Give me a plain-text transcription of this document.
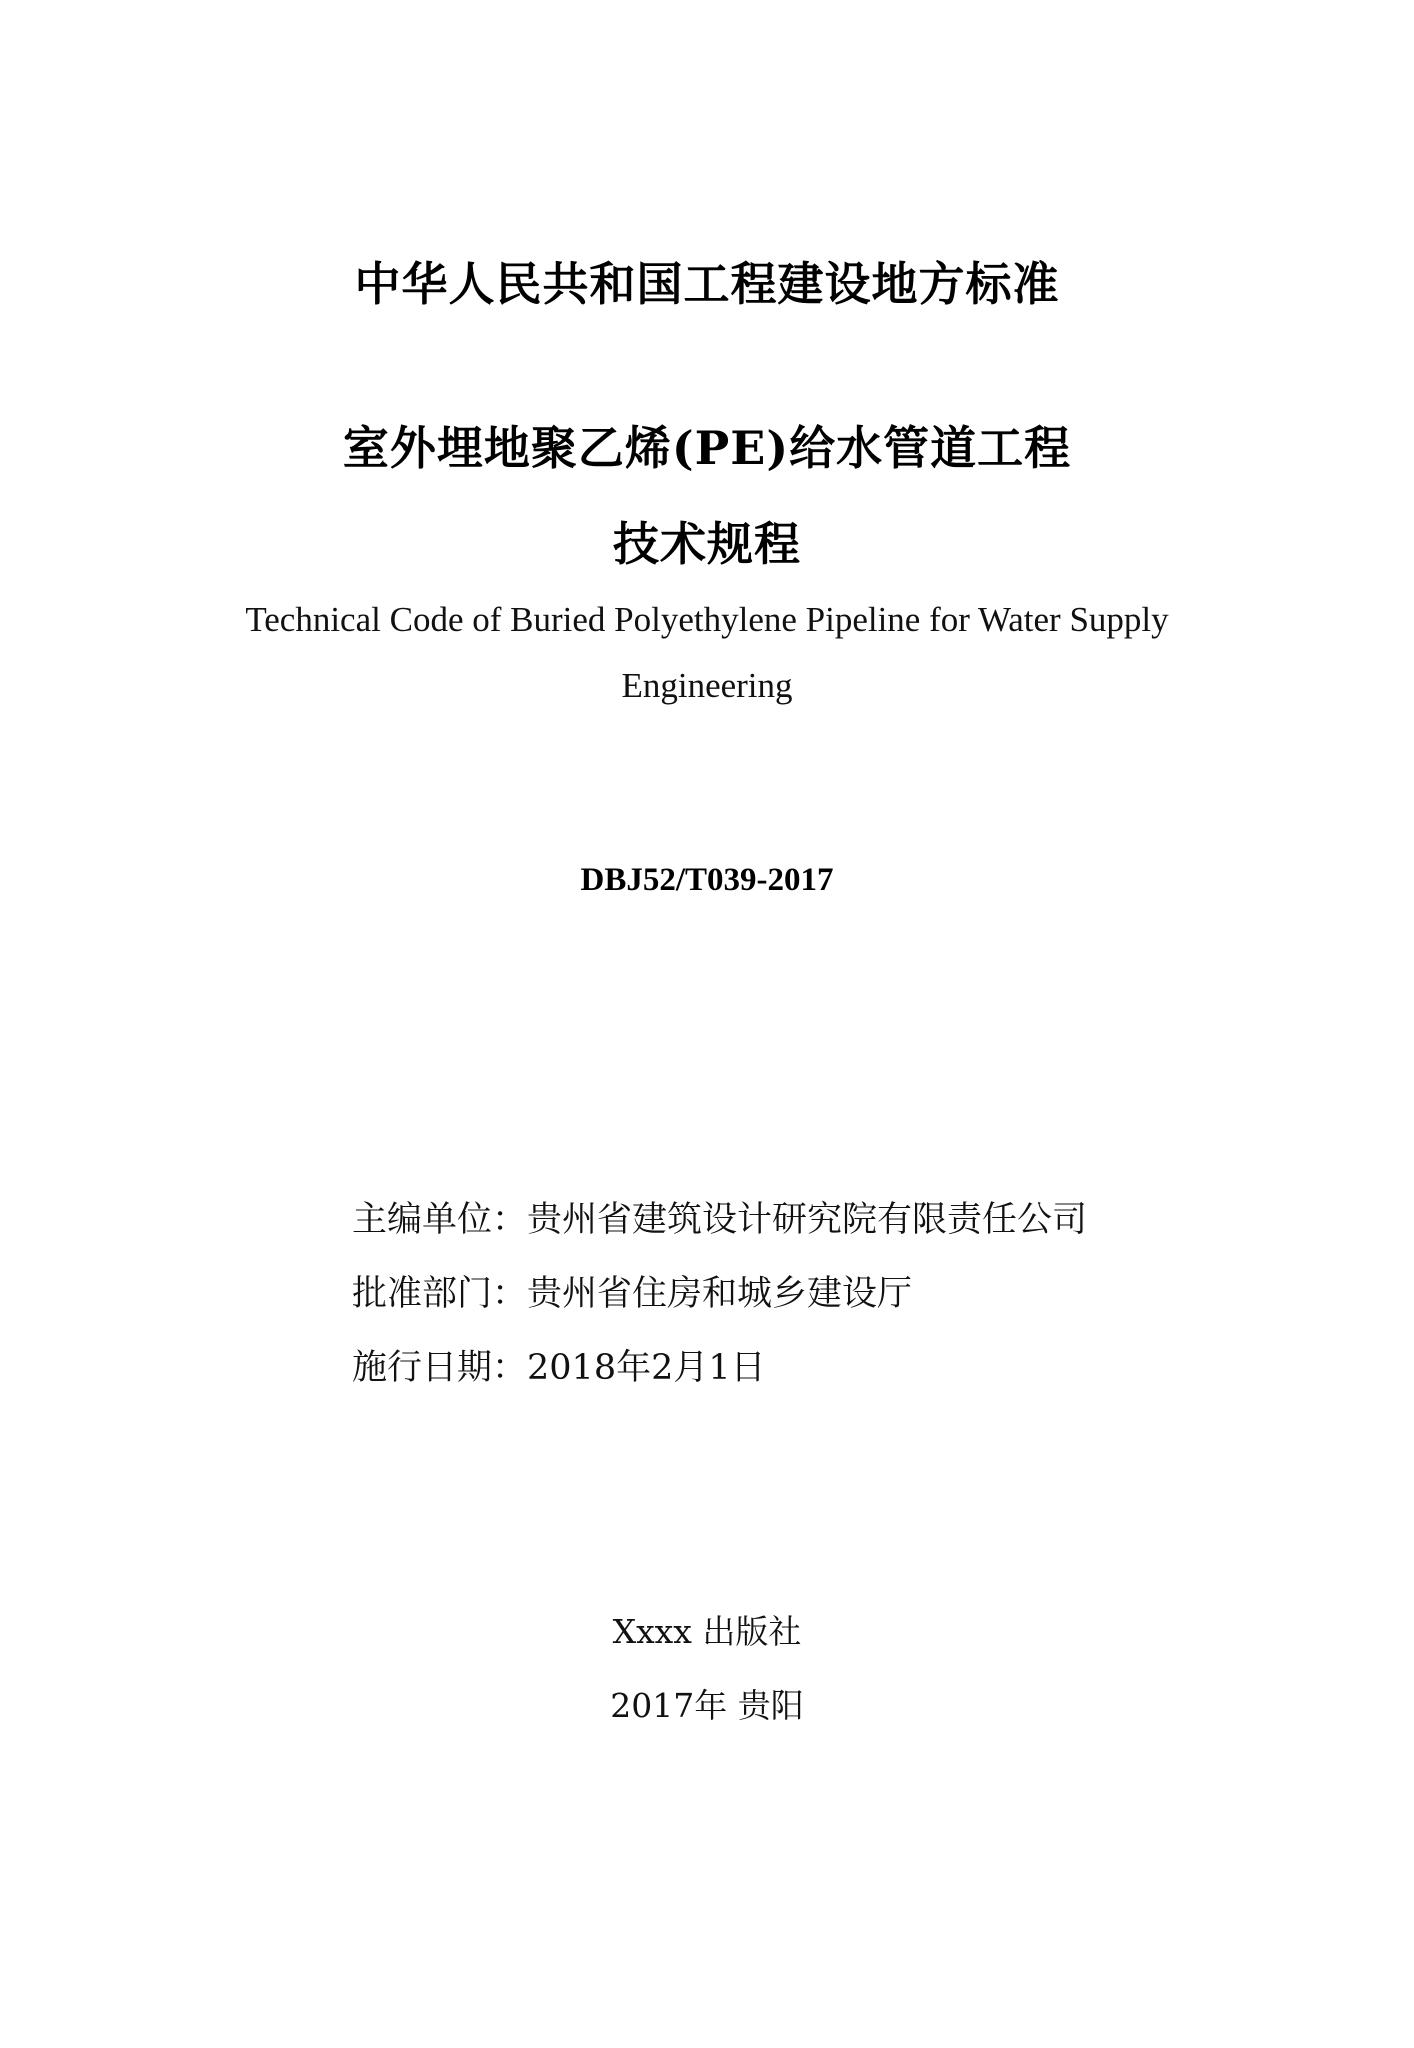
中华人民共和国工程建设地方标准
室外埋地聚乙烯(PE)给水管道工程
技术规程
Technical Code of Buried Polyethylene Pipeline for Water Supply
Engineering
DBJ52/T039-2017
主编单位：贵州省建筑设计研究院有限责任公司
批准部门：贵州省住房和城乡建设厅
施行日期：2018年2月1日
Xxxx 出版社
2017年 贵阳
